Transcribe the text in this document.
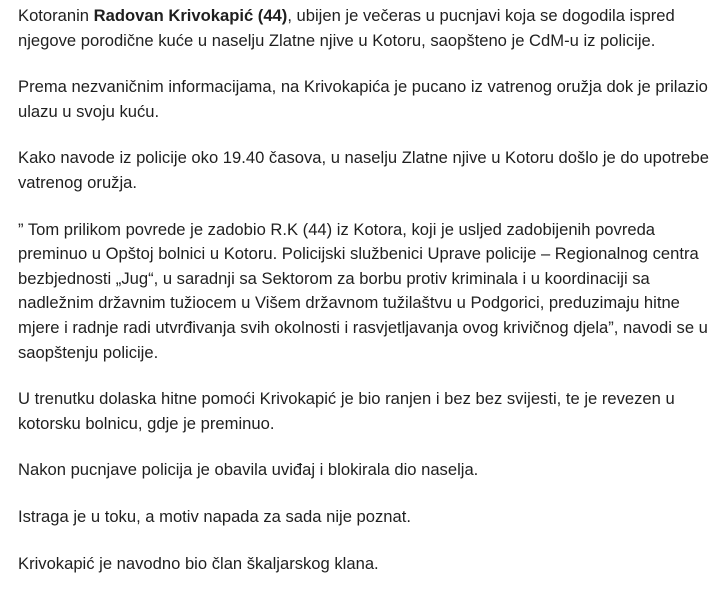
Kotoranin Radovan Krivokapić (44), ubijen je večeras u pucnjavi koja se dogodila ispred njegove porodične kuće u naselju Zlatne njive u Kotoru, saopšteno je CdM-u iz policije.

Prema nezvaničnim informacijama, na Krivokapića je pucano iz vatrenog oružja dok je prilazio ulazu u svoju kuću.

Kako navode iz policije oko 19.40 časova, u naselju Zlatne njive u Kotoru došlo je do upotrebe vatrenog oružja.

” Tom prilikom povrede je zadobio R.K (44) iz Kotora, koji je usljed zadobijenih povreda preminuo u Opštoj bolnici u Kotoru. Policijski službenici Uprave policije – Regionalnog centra bezbjednosti „Jug“, u saradnji sa Sektorom za borbu protiv kriminala i u koordinaciji sa nadležnim državnim tužiocem u Višem državnom tužilaštvu u Podgorici, preduzimaju hitne mjere i radnje radi utvrđivanja svih okolnosti i rasvjetljavanja ovog krivičnog djela”, navodi se u saopštenju policije.

U trenutku dolaska hitne pomoći Krivokapić je bio ranjen i bez bez svijesti, te je revezen u kotorsku bolnicu, gdje je preminuo.

Nakon pucnjave policija je obavila uviđaj i blokirala dio naselja.

Istraga je u toku, a motiv napada za sada nije poznat.

Krivokapić je navodno bio član škaljarskog klana.
